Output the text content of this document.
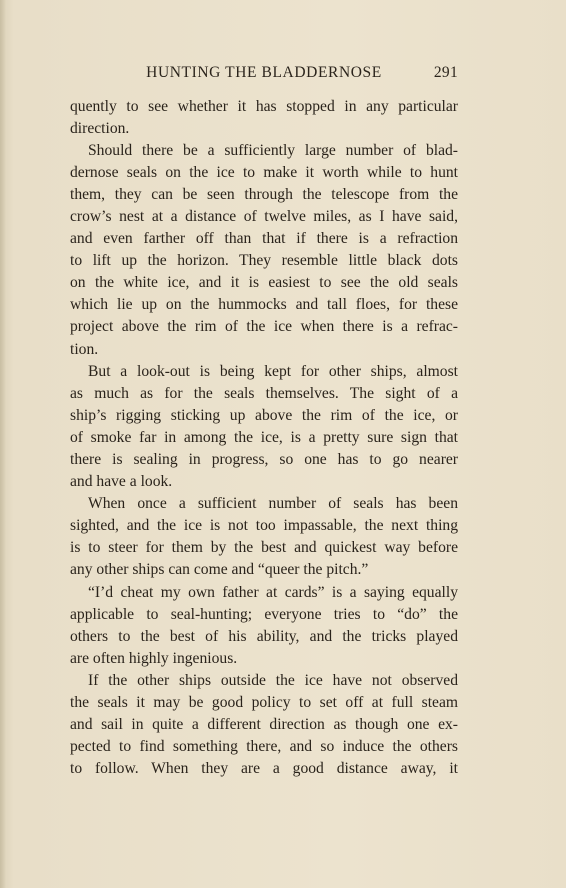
HUNTING THE BLADDERNOSE	291
quently to see whether it has stopped in any particular
direction.
Should there be a sufficiently large number of blad-
dernose seals on the ice to make it worth while to hunt
them, they can be seen through the telescope from the
crow’s nest at a distance of twelve miles, as I have said,
and even farther off than that if there is a refraction
to lift up the horizon. They resemble little black dots
on the white ice, and it is easiest to see the old seals
which lie up on the hummocks and tall floes, for these
project above the rim of the ice when there is a refrac-
tion.
But a look-out is being kept for other ships, almost
as much as for the seals themselves. The sight of a
ship’s rigging sticking up above the rim of the ice, or
of smoke far in among the ice, is a pretty sure sign that
there is sealing in progress, so one has to go nearer
and have a look.
When once a sufficient number of seals has been
sighted, and the ice is not too impassable, the next thing
is to steer for them by the best and quickest way before
any other ships can come and “queer the pitch.”
“I’d cheat my own father at cards” is a saying equally
applicable to seal-hunting; everyone tries to “do” the
others to the best of his ability, and the tricks played
are often highly ingenious.
If the other ships outside the ice have not observed
the seals it may be good policy to set off at full steam
and sail in quite a different direction as though one ex-
pected to find something there, and so induce the others
to follow. When they are a good distance away, it
